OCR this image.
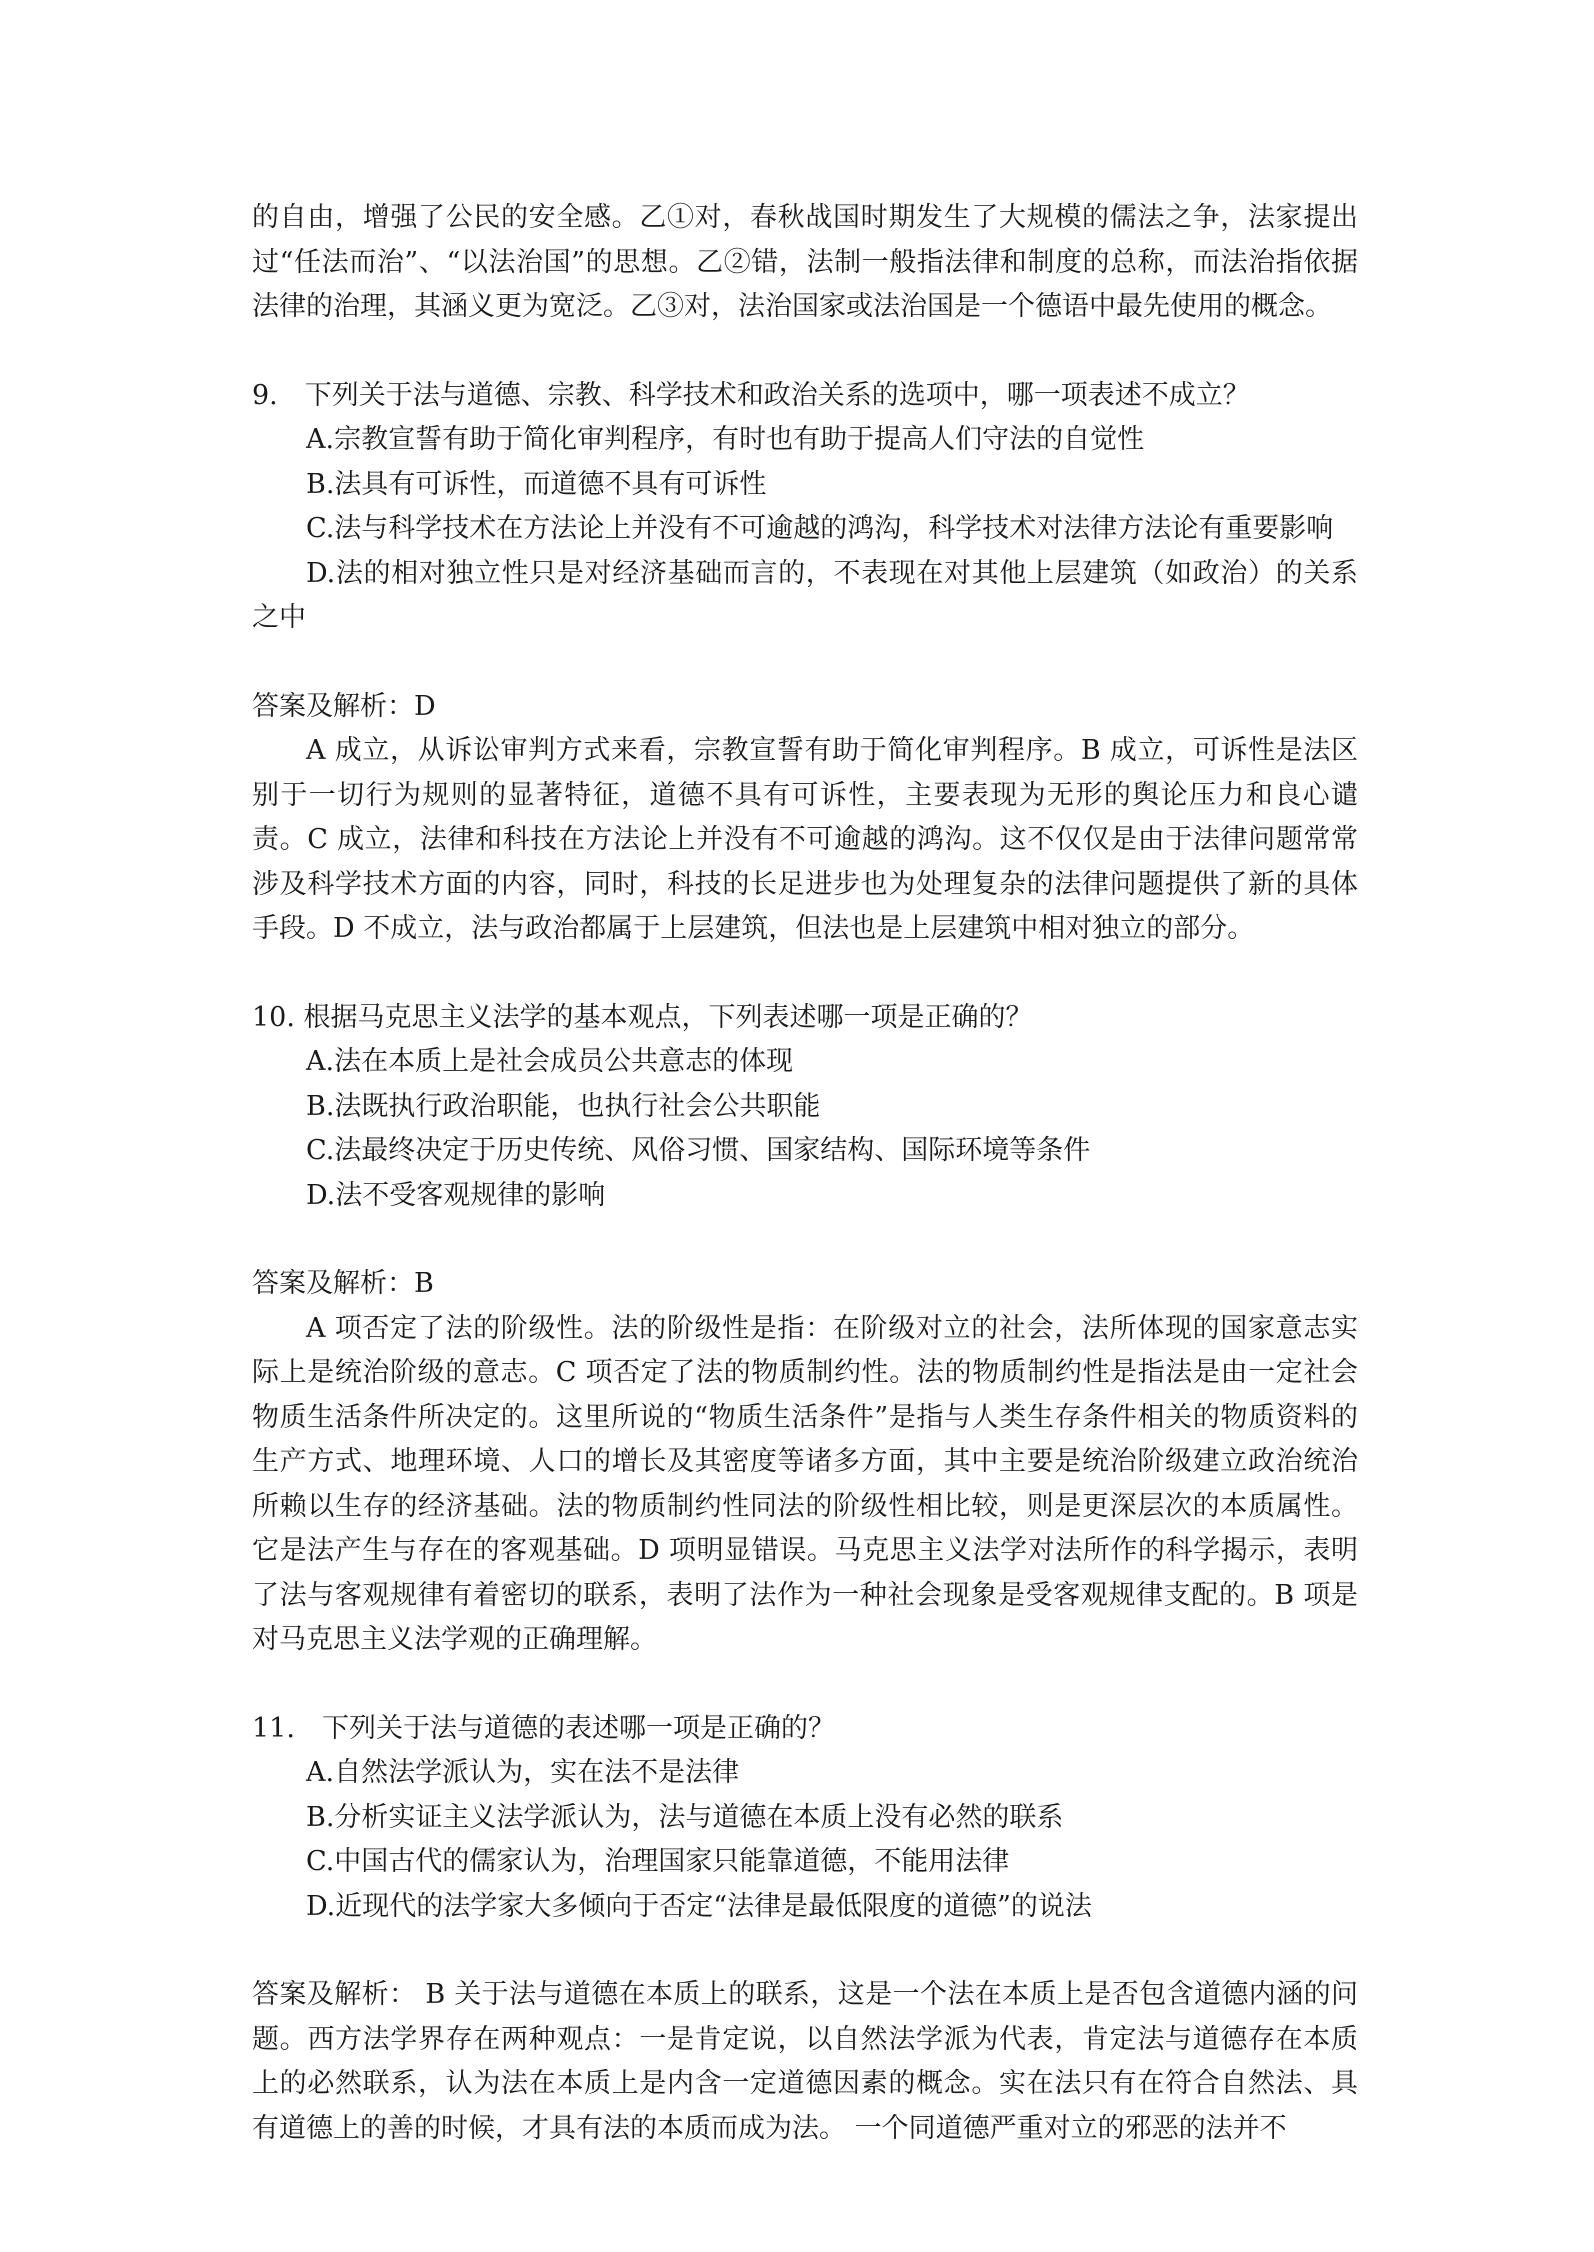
的自由，增强了公民的安全感。乙①对，春秋战国时期发生了大规模的儒法之争，法家提出过“任法而治”、“以法治国”的思想。乙②错，法制一般指法律和制度的总称，而法治指依据法律的治理，其涵义更为宽泛。乙③对，法治国家或法治国是一个德语中最先使用的概念。

9.　下列关于法与道德、宗教、科学技术和政治关系的选项中，哪一项表述不成立？

A.宗教宣誓有助于简化审判程序，有时也有助于提高人们守法的自觉性

B.法具有可诉性，而道德不具有可诉性

C.法与科学技术在方法论上并没有不可逾越的鸿沟，科学技术对法律方法论有重要影响

D.法的相对独立性只是对经济基础而言的，不表现在对其他上层建筑（如政治）的关系之中

答案及解析：D

A 成立，从诉讼审判方式来看，宗教宣誓有助于简化审判程序。B 成立，可诉性是法区别于一切行为规则的显著特征，道德不具有可诉性，主要表现为无形的舆论压力和良心谴责。C 成立，法律和科技在方法论上并没有不可逾越的鸿沟。这不仅仅是由于法律问题常常涉及科学技术方面的内容，同时，科技的长足进步也为处理复杂的法律问题提供了新的具体手段。D 不成立，法与政治都属于上层建筑，但法也是上层建筑中相对独立的部分。

10. 根据马克思主义法学的基本观点，下列表述哪一项是正确的？

A.法在本质上是社会成员公共意志的体现

B.法既执行政治职能，也执行社会公共职能

C.法最终决定于历史传统、风俗习惯、国家结构、国际环境等条件

D.法不受客观规律的影响

答案及解析：B

A 项否定了法的阶级性。法的阶级性是指：在阶级对立的社会，法所体现的国家意志实际上是统治阶级的意志。C 项否定了法的物质制约性。法的物质制约性是指法是由一定社会物质生活条件所决定的。这里所说的“物质生活条件”是指与人类生存条件相关的物质资料的生产方式、地理环境、人口的增长及其密度等诸多方面，其中主要是统治阶级建立政治统治所赖以生存的经济基础。法的物质制约性同法的阶级性相比较，则是更深层次的本质属性。它是法产生与存在的客观基础。D 项明显错误。马克思主义法学对法所作的科学揭示，表明了法与客观规律有着密切的联系，表明了法作为一种社会现象是受客观规律支配的。B 项是对马克思主义法学观的正确理解。

11.　下列关于法与道德的表述哪一项是正确的？

A.自然法学派认为，实在法不是法律

B.分析实证主义法学派认为，法与道德在本质上没有必然的联系

C.中国古代的儒家认为，治理国家只能靠道德，不能用法律

D.近现代的法学家大多倾向于否定“法律是最低限度的道德”的说法

答案及解析： B 关于法与道德在本质上的联系，这是一个法在本质上是否包含道德内涵的问题。西方法学界存在两种观点：一是肯定说，以自然法学派为代表，肯定法与道德存在本质上的必然联系，认为法在本质上是内含一定道德因素的概念。实在法只有在符合自然法、具有道德上的善的时候，才具有法的本质而成为法。 一个同道德严重对立的邪恶的法并不
